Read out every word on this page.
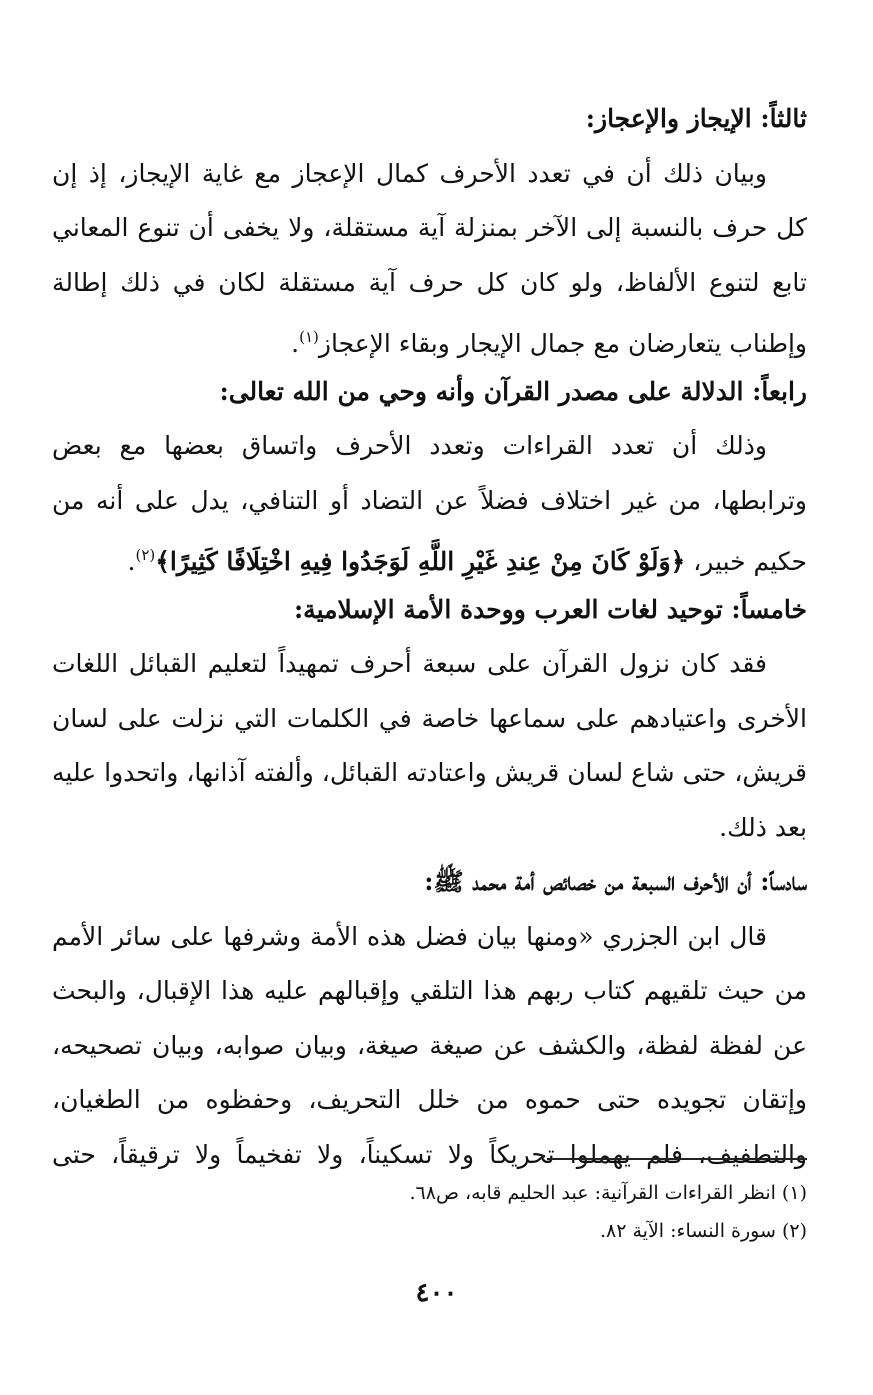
ثالثاً: الإيجاز والإعجاز:
وبيان ذلك أن في تعدد الأحرف كمال الإعجاز مع غاية الإيجاز، إذ إن
كل حرف بالنسبة إلى الآخر بمنزلة آية مستقلة، ولا يخفى أن تنوع المعاني
تابع لتنوع الألفاظ، ولو كان كل حرف آية مستقلة لكان في ذلك إطالة
وإطناب يتعارضان مع جمال الإيجار وبقاء الإعجاز$^{(١)}$.
رابعاً: الدلالة على مصدر القرآن وأنه وحي من الله تعالى:
وذلك أن تعدد القراءات وتعدد الأحرف واتساق بعضها مع بعض
وترابطها، من غير اختلاف فضلاً عن التضاد أو التنافي، يدل على أنه من
حكيم خبير، ﴿وَلَوْ كَانَ مِنْ عِندِ غَيْرِ اللَّهِ لَوَجَدُوا فِيهِ اخْتِلَافًا كَثِيرًا﴾$^{(٢)}$.
خامساً: توحيد لغات العرب ووحدة الأمة الإسلامية:
فقد كان نزول القرآن على سبعة أحرف تمهيداً لتعليم القبائل اللغات
الأخرى واعتيادهم على سماعها خاصة في الكلمات التي نزلت على لسان
قريش، حتى شاع لسان قريش واعتادته القبائل، وألفته آذانها، واتحدوا عليه
بعد ذلك.
سادساً: أن الأحرف السبعة من خصائص أمة محمد ﷺ:
قال ابن الجزري «ومنها بيان فضل هذه الأمة وشرفها على سائر الأمم
من حيث تلقيهم كتاب ربهم هذا التلقي وإقبالهم عليه هذا الإقبال، والبحث
عن لفظة لفظة، والكشف عن صيغة صيغة، وبيان صوابه، وبيان تصحيحه،
وإتقان تجويده حتى حموه من خلل التحريف، وحفظوه من الطغيان،
والتطفيف، فلم يهملوا تحريكاً ولا تسكيناً، ولا تفخيماً ولا ترقيقاً، حتى
(١) انظر القراءات القرآنية: عبد الحليم قابه، ص٦٨.
(٢) سورة النساء: الآية ٨٢.
٤٠٠
